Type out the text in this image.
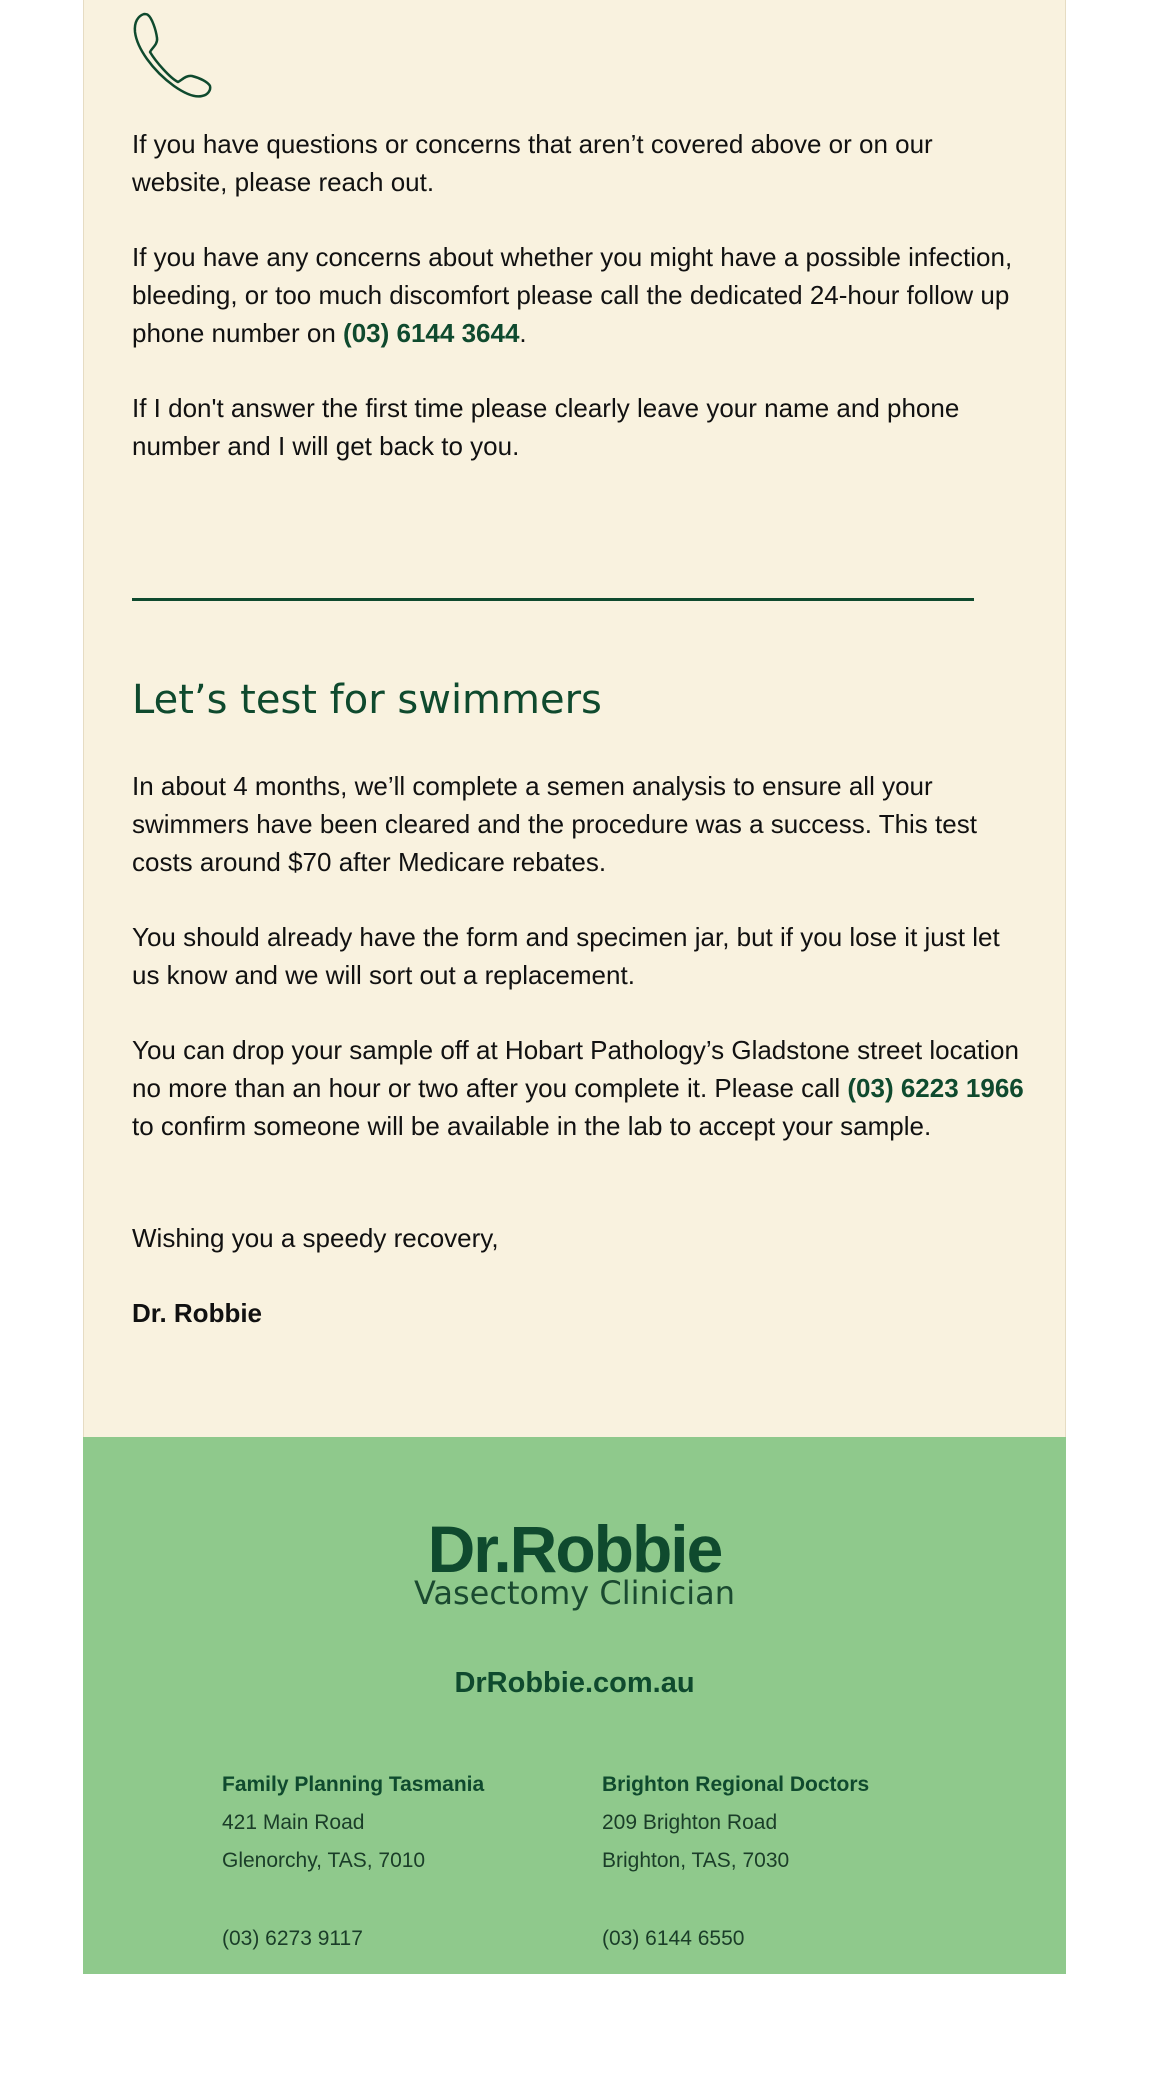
If you have questions or concerns that aren’t covered above or on our website, please reach out.

If you have any concerns about whether you might have a possible infection, bleeding, or too much discomfort please call the dedicated 24-hour follow up phone number on (03) 6144 3644.

If I don't answer the first time please clearly leave your name and phone number and I will get back to you.

Let’s test for swimmers

In about 4 months, we’ll complete a semen analysis to ensure all your swimmers have been cleared and the procedure was a success. This test costs around $70 after Medicare rebates.

You should already have the form and specimen jar, but if you lose it just let us know and we will sort out a replacement.

You can drop your sample off at Hobart Pathology’s Gladstone street location no more than an hour or two after you complete it. Please call (03) 6223 1966 to confirm someone will be available in the lab to accept your sample.

Wishing you a speedy recovery,

Dr. Robbie

Dr.Robbie
Vasectomy Clinician
DrRobbie.com.au

Family Planning Tasmania

421 Main Road

Glenorchy, TAS, 7010

(03) 6273 9117

Brighton Regional Doctors

209 Brighton Road

Brighton, TAS, 7030

(03) 6144 6550
